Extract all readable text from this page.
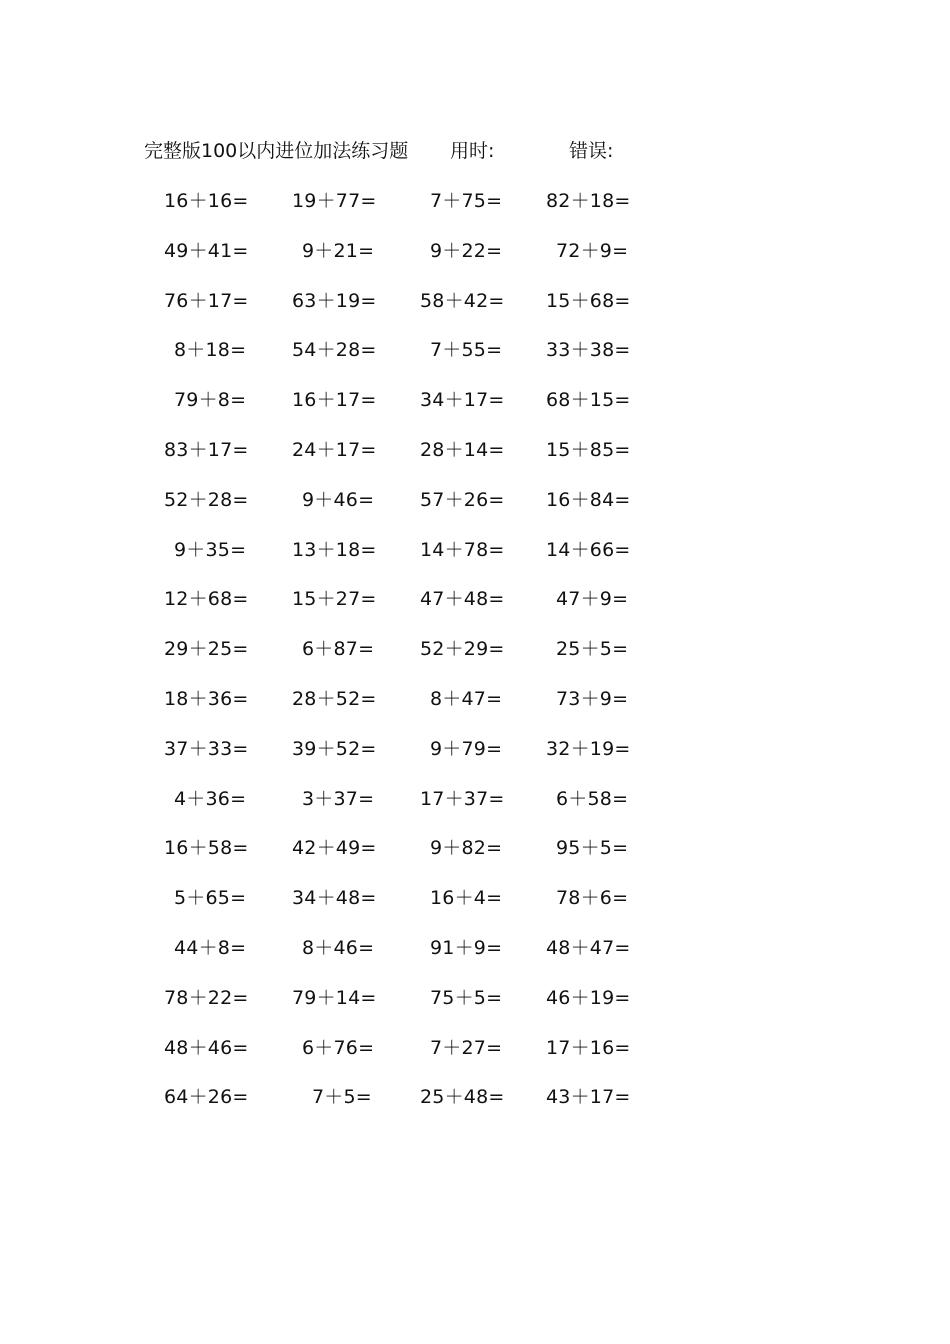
完整版100以内进位加法练习题 用时:	错误:
16＋16= 19＋77=	7＋75= 82＋18=
49＋41=	9＋21=	9＋22=	72＋9=
76＋17= 63＋19= 58＋42= 15＋68=
8＋18= 54＋28=	7＋55= 33＋38=
79＋8= 16＋17= 34＋17= 68＋15=
83＋17= 24＋17= 28＋14= 15＋85=
52＋28=	9＋46= 57＋26= 16＋84=
9＋35= 13＋18= 14＋78= 14＋66=
12＋68= 15＋27= 47＋48=	47＋9=
29＋25=	6＋87= 52＋29=	25＋5=
18＋36= 28＋52=	8＋47=	73＋9=
37＋33= 39＋52=	9＋79= 32＋19=
4＋36=	3＋37= 17＋37=	6＋58=
16＋58= 42＋49=	9＋82=	95＋5=
5＋65= 34＋48=	16＋4=	78＋6=
44＋8=	8＋46=	91＋9= 48＋47=
78＋22= 79＋14=	75＋5= 46＋19=
48＋46=	6＋76=	7＋27= 17＋16=
64＋26=	7＋5=	25＋48= 43＋17=
